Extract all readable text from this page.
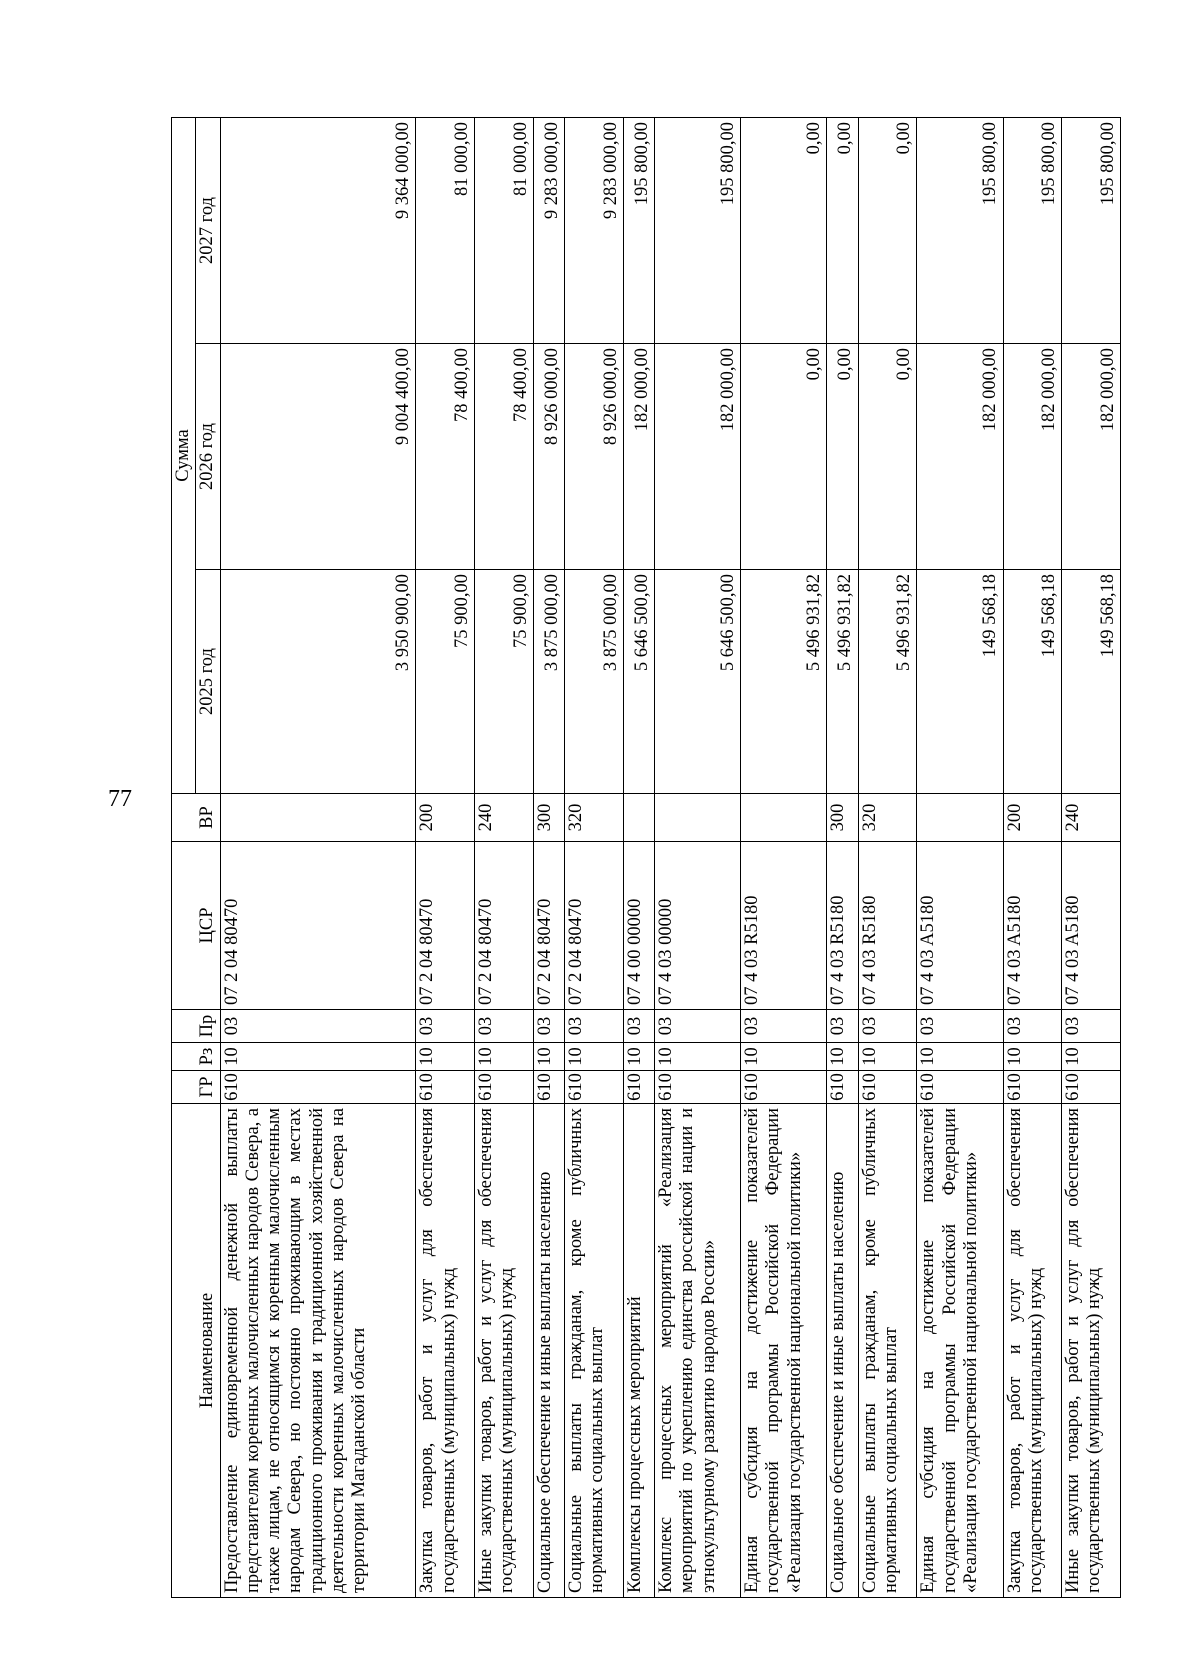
77
Наименование	ГР	Рз	Пр	ЦСР	ВР	Сумма		
						2025 год	2026 год	2027 год
Предоставление единовременной денежной выплаты представителям коренных малочисленных народов Севера, а также лицам, не относящимся к коренным малочисленным народам Севера, но постоянно проживающим в местах традиционного проживания и традиционной хозяйственной деятельности коренных малочисленных народов Севера на территории Магаданской области	610	10	03	07 2 04 80470		3 950 900,00	9 004 400,00	9 364 000,00
Закупка товаров, работ и услуг для обеспечения государственных (муниципальных) нужд	610	10	03	07 2 04 80470	200	75 900,00	78 400,00	81 000,00
Иные закупки товаров, работ и услуг для обеспечения государственных (муниципальных) нужд	610	10	03	07 2 04 80470	240	75 900,00	78 400,00	81 000,00
Социальное обеспечение и иные выплаты населению	610	10	03	07 2 04 80470	300	3 875 000,00	8 926 000,00	9 283 000,00
Социальные выплаты гражданам, кроме публичных нормативных социальных выплат	610	10	03	07 2 04 80470	320	3 875 000,00	8 926 000,00	9 283 000,00
Комплексы процессных мероприятий	610	10	03	07 4 00 00000		5 646 500,00	182 000,00	195 800,00
Комплекс процессных мероприятий «Реализация мероприятий по укреплению единства российской нации и этнокультурному развитию народов России»	610	10	03	07 4 03 00000		5 646 500,00	182 000,00	195 800,00
Единая субсидия на достижение показателей государственной программы Российской Федерации «Реализация государственной национальной политики»	610	10	03	07 4 03 R5180		5 496 931,82	0,00	0,00
Социальное обеспечение и иные выплаты населению	610	10	03	07 4 03 R5180	300	5 496 931,82	0,00	0,00
Социальные выплаты гражданам, кроме публичных нормативных социальных выплат	610	10	03	07 4 03 R5180	320	5 496 931,82	0,00	0,00
Единая субсидия на достижение показателей государственной программы Российской Федерации «Реализация государственной национальной политики»	610	10	03	07 4 03 A5180		149 568,18	182 000,00	195 800,00
Закупка товаров, работ и услуг для обеспечения государственных (муниципальных) нужд	610	10	03	07 4 03 A5180	200	149 568,18	182 000,00	195 800,00
Иные закупки товаров, работ и услуг для обеспечения государственных (муниципальных) нужд	610	10	03	07 4 03 A5180	240	149 568,18	182 000,00	195 800,00
